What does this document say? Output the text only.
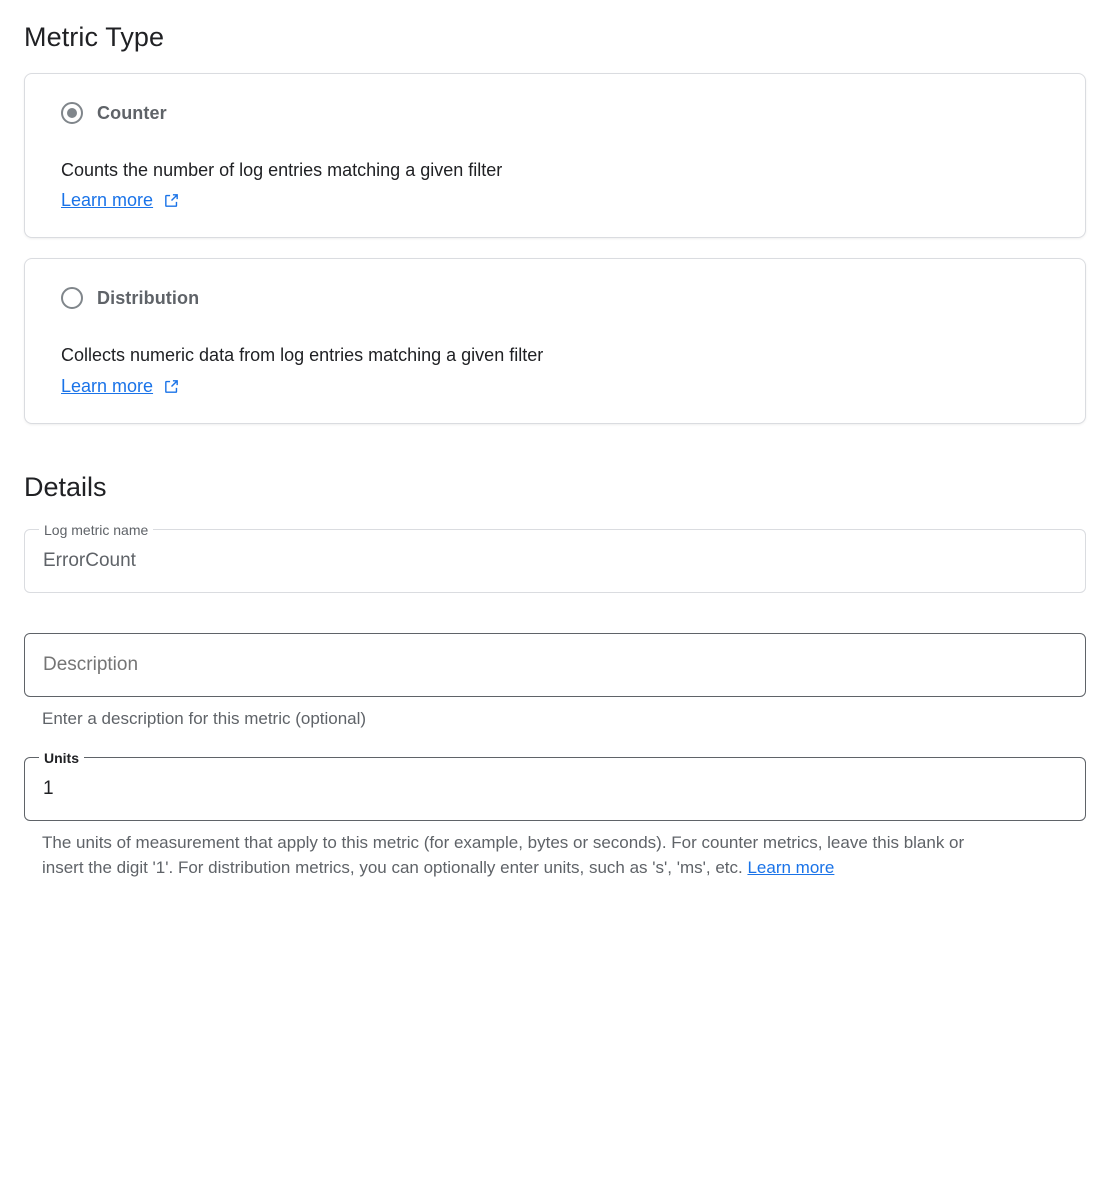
Metric Type
Counter
Counts the number of log entries matching a given filter
Learn more
Distribution
Collects numeric data from log entries matching a given filter
Learn more
Details
Log metric name
ErrorCount
Description
Enter a description for this metric (optional)
Units
1
The units of measurement that apply to this metric (for example, bytes or seconds). For counter metrics, leave this blank or insert the digit '1'. For distribution metrics, you can optionally enter units, such as 's', 'ms', etc. Learn more
